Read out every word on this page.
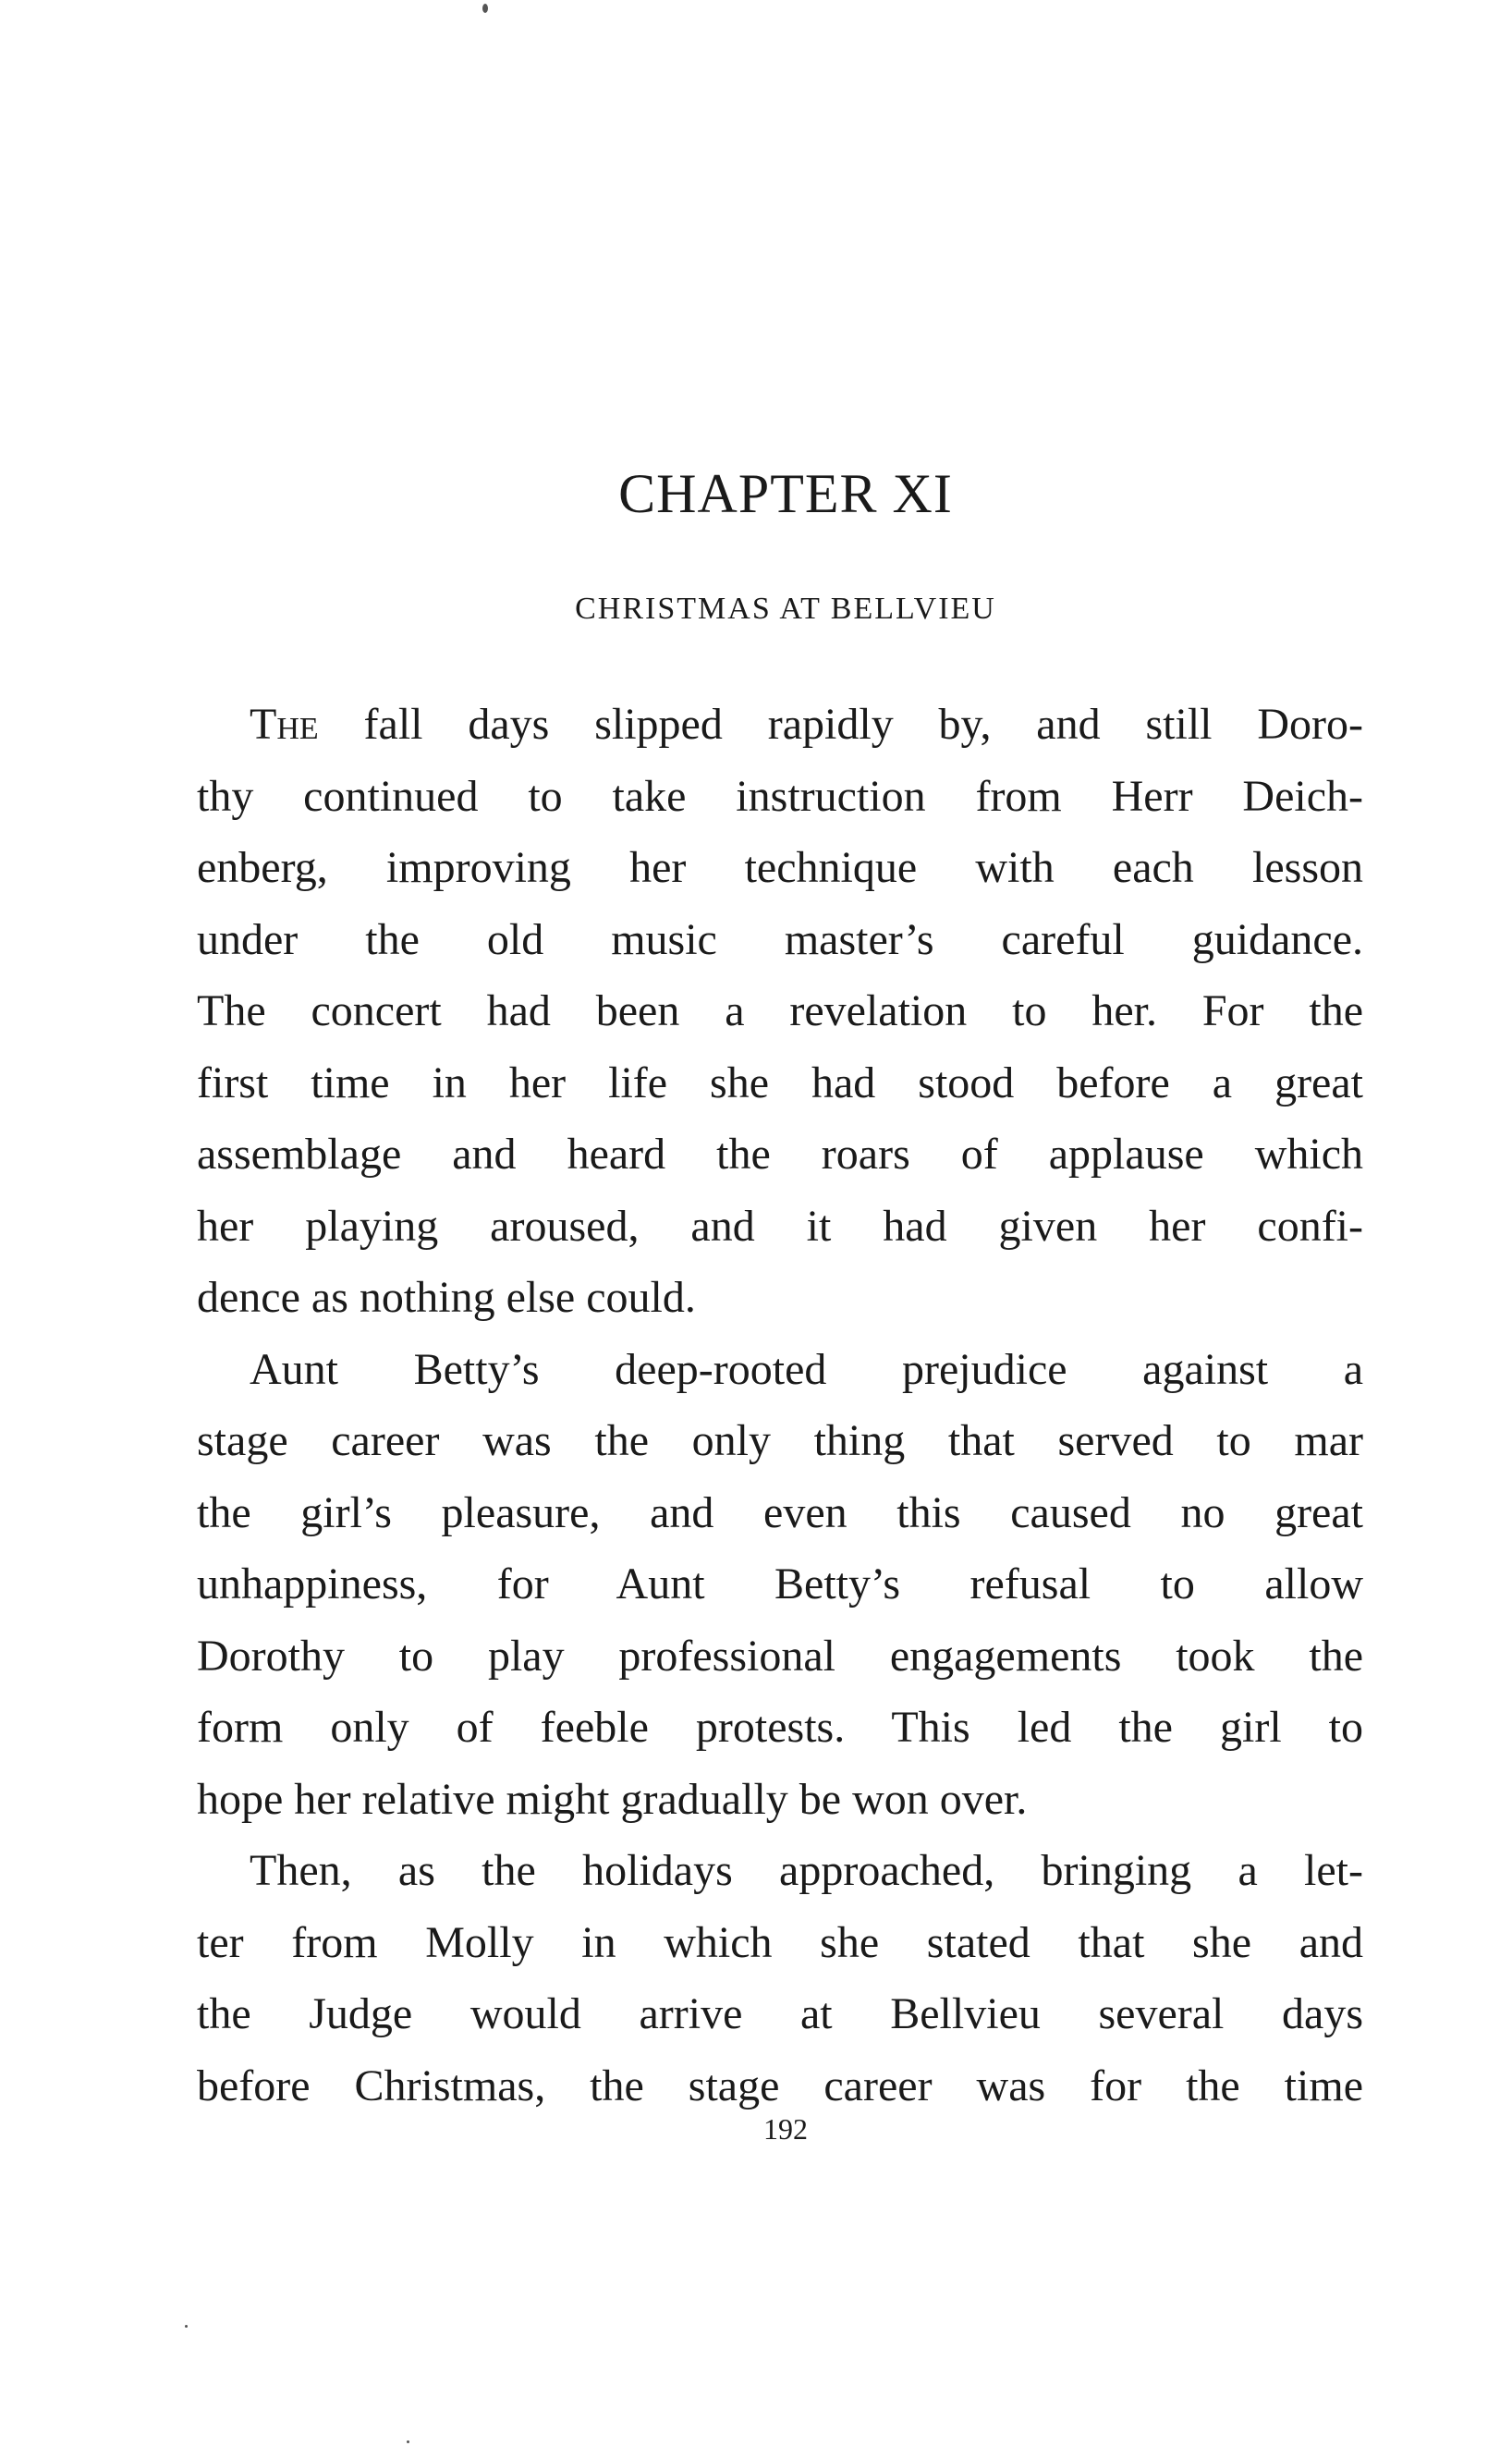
CHAPTER XI
CHRISTMAS AT BELLVIEU
The fall days slipped rapidly by, and still Doro-
thy continued to take instruction from Herr Deich-
enberg, improving her technique with each lesson
under the old music master’s careful guidance.
The concert had been a revelation to her. For the
first time in her life she had stood before a great
assemblage and heard the roars of applause which
her playing aroused, and it had given her confi-
dence as nothing else could.
Aunt Betty’s deep-rooted prejudice against a
stage career was the only thing that served to mar
the girl’s pleasure, and even this caused no great
unhappiness, for Aunt Betty’s refusal to allow
Dorothy to play professional engagements took the
form only of feeble protests. This led the girl to
hope her relative might gradually be won over.
Then, as the holidays approached, bringing a let-
ter from Molly in which she stated that she and
the Judge would arrive at Bellvieu several days
before Christmas, the stage career was for the time
192
